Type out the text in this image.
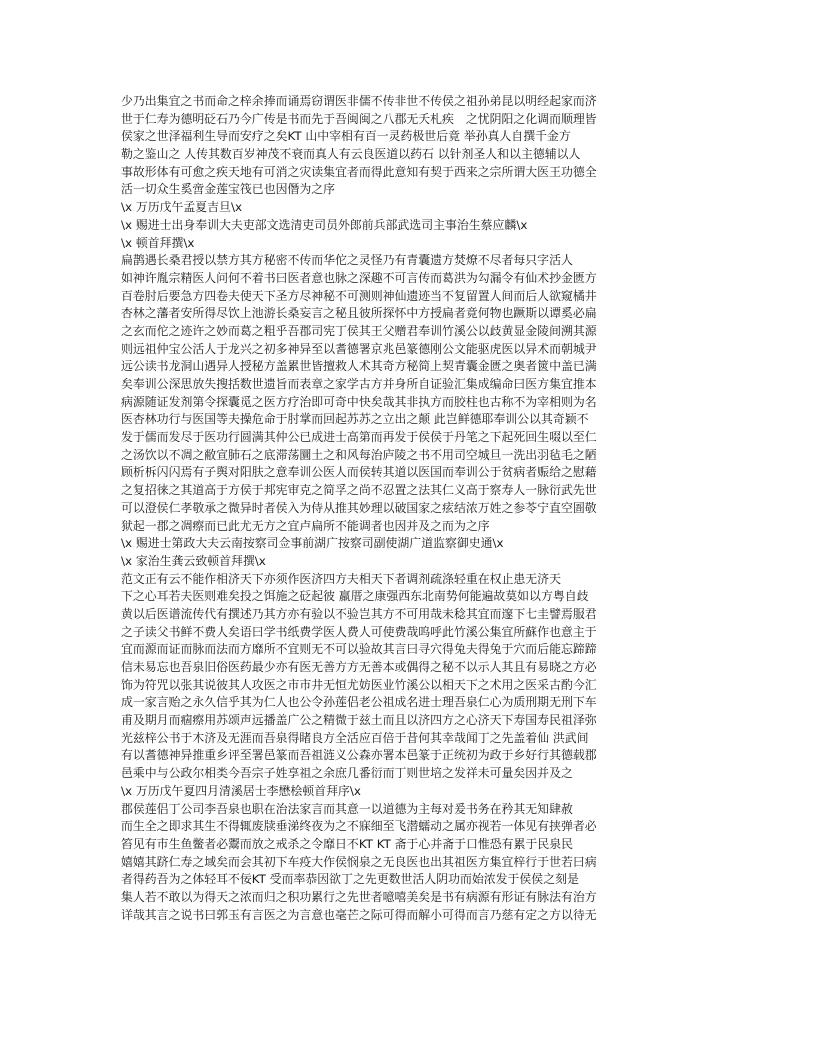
少乃出集宜之书而命之梓余捧而诵焉窃谓医非儒不传非世不传侯之祖孙弟昆以明经起家而济
世于仁寿为德明砭石乃今广传是书而先于吾闽闽之八郡无夭札疾　之忧阴阳之化调而顺理皆
侯家之世泽福利生导而安疗之矣KT 山中宰相有百一灵药极世后竟 举孙真人自撰千金方
勒之鉴山之 人传其数百岁神茂不衰而真人有云良医道以药石 以针剂圣人和以主德辅以人
事故形体有可愈之疾天地有可消之灾读集宜者而得此意知有契于西来之宗所谓大医王功德全
活一切众生奚啻金莲宝筏已也因僭为之序
\x 万历戊午孟夏吉旦\x
\x 赐进士出身奉训大夫吏部文选清吏司员外郎前兵部武选司主事治生蔡应麟\x
\x 顿首拜撰\x
扁鹊遇长桑君授以禁方其方秘密不传而华佗之灵怪乃有青囊遗方焚燎不尽者每只字活人
如神许胤宗精医人问何不着书曰医者意也脉之深趣不可言传而葛洪为勾漏令有仙术抄金匮方
百卷肘后要急方四卷夫使天下圣方尽神秘不可测则神仙遗迹当不复留置人间而后人欲窥橘井
杏林之藩者安所得尽饮上池游长桑妄言之秘且彼所探怀中方授扁者竟何物也蹶斯以谭奚必扁
之玄而佗之迹许之妙而葛之粗乎吾郡司宪丁侯其王父赠君奉训竹溪公以歧黄显金陵间溯其源
则远祖仲宝公活人于龙兴之初多神异至以耆德署京兆邑篆德刚公文能驱虎医以异术而朝城尹
远公读书龙洞山遇异人授秘方盖累世皆擅救人术其奇方秘简上契青囊金匮之奥者篋中盖已满
矣奉训公深思放失搜括数世遗旨而表章之家学古方并身所自证验汇集成编命曰医方集宜推本
病源随证发剂第令探囊觅之医方疗治即可奇中快矣哉其非执方而胶柱也古称不为宰相则为名
医杏林功行与医国等夫操危命于肘掌而回起苏苏之立出之颠 此岂鲜德耶奉训公以其奇颖不
发于儒而发尽于医功行圆满其仲公已成进士高第而再发于侯侯于丹笔之下起死回生啜以至仁
之汤饮以不凋之敝宣肺石之底滞荡圜土之和风每治庐陵之书不用司空城旦一洗出羽毡毛之陋
顾析柝闪闪焉有子舆对阳肤之意奉训公医人而侯转其道以医国而奉训公于贫病者赈给之慰藉
之复招徕之其道高于方侯于邦宪审克之简孚之尚不忍置之法其仁义高于察寿人一脉衍武先世
可以澄侯仁孝敬承之微异时者侯入为侍从推其妙理以破国家之痃结浓万姓之参苓宁直空圄敬
狱起一郡之凋瘵而已此尤无方之宜卢扁所不能调者也因并及之而为之序
\x 赐进士第政大夫云南按察司佥事前湖广按察司副使湖广道监察御史通\x
\x 家治生龚云致顿首拜撰\x
范文正有云不能作相济天下亦须作医济四方夫相天下者调剂疏涤轻重在权止患无济天
下之心耳若夫医则难矣投之饵施之砭起彼 羸厝之康强西东北南势何能遍故莫如以方粤自歧
黄以后医谱流传代有撰述乃其方亦有验以不验岂其方不可用哉未稔其宜而邃下七圭譬焉服君
之子读父书鲜不费人矣语曰学书纸费学医人费人可使费哉呜呼此竹溪公集宜所蘇作也意主于
宜而源而证而脉而法而方靡所不宜则无不可以验故其言曰寻穴得兔夫得兔于穴而后能忘蹄蹄
信未易忘也吾泉旧俗医药最少亦有医无善方方无善本或偶得之秘不以示人其且有易晓之方必
饰为符咒以张其说彼其人攻医之市市井无恒尤妨医业竹溪公以相天下之术用之医采古酌今汇
成一家言贻之永久信乎其为仁人也公令孙莲侣老公祖成名进士理吾泉仁心为质刑期无刑下车
甫及期月而痼瘵用苏颂声远播盖广公之精微于兹土而且以济四方之心济天下寿国寿民祖泽弥
光兹梓公书于木济及无涯而吾泉得睹良方全活应百倍于昔何其幸哉闻丁之先盖着仙 洪武间
有以耆德神异推重乡评至署邑篆而吾祖涟义公森亦署本邑篆于正统初为政于乡好行其德载郡
邑乘中与公政尔相类今吾宗子姓享祖之余庶几番衍而丁则世培之发祥未可量矣因并及之
\x 万历戊午夏四月清溪居士李懋桧顿首拜序\x
郡侯莲侣丁公司李吾泉也职在治法家言而其意一以道德为主每对爰书务在矜其无知肆赦
而生全之即求其生不得辄废牍垂涕终夜为之不寐细至飞潜蠕动之属亦视若一体见有挟弹者必
笞见有市生鱼鳖者必鬻而放之戒杀之令靡日不KT KT 斋于心并斋于口惟恐有累于民泉民
嬉嬉其跻仁寿之域矣而会其初下车疫大作侯悯泉之无良医也出其祖医方集宜梓行于世若曰病
者得药吾为之体轻耳不佞KT 受而率恭因欲丁之先更数世活人阴功而始浓发于侯侯之刻是
集人若不敢以为得天之浓而归之积功累行之先世者噫嘻美矣是书有病源有形证有脉法有治方
详哉其言之说书曰郭玉有言医之为言意也毫芒之际可得而解小可得而言乃慈有定之方以待无
